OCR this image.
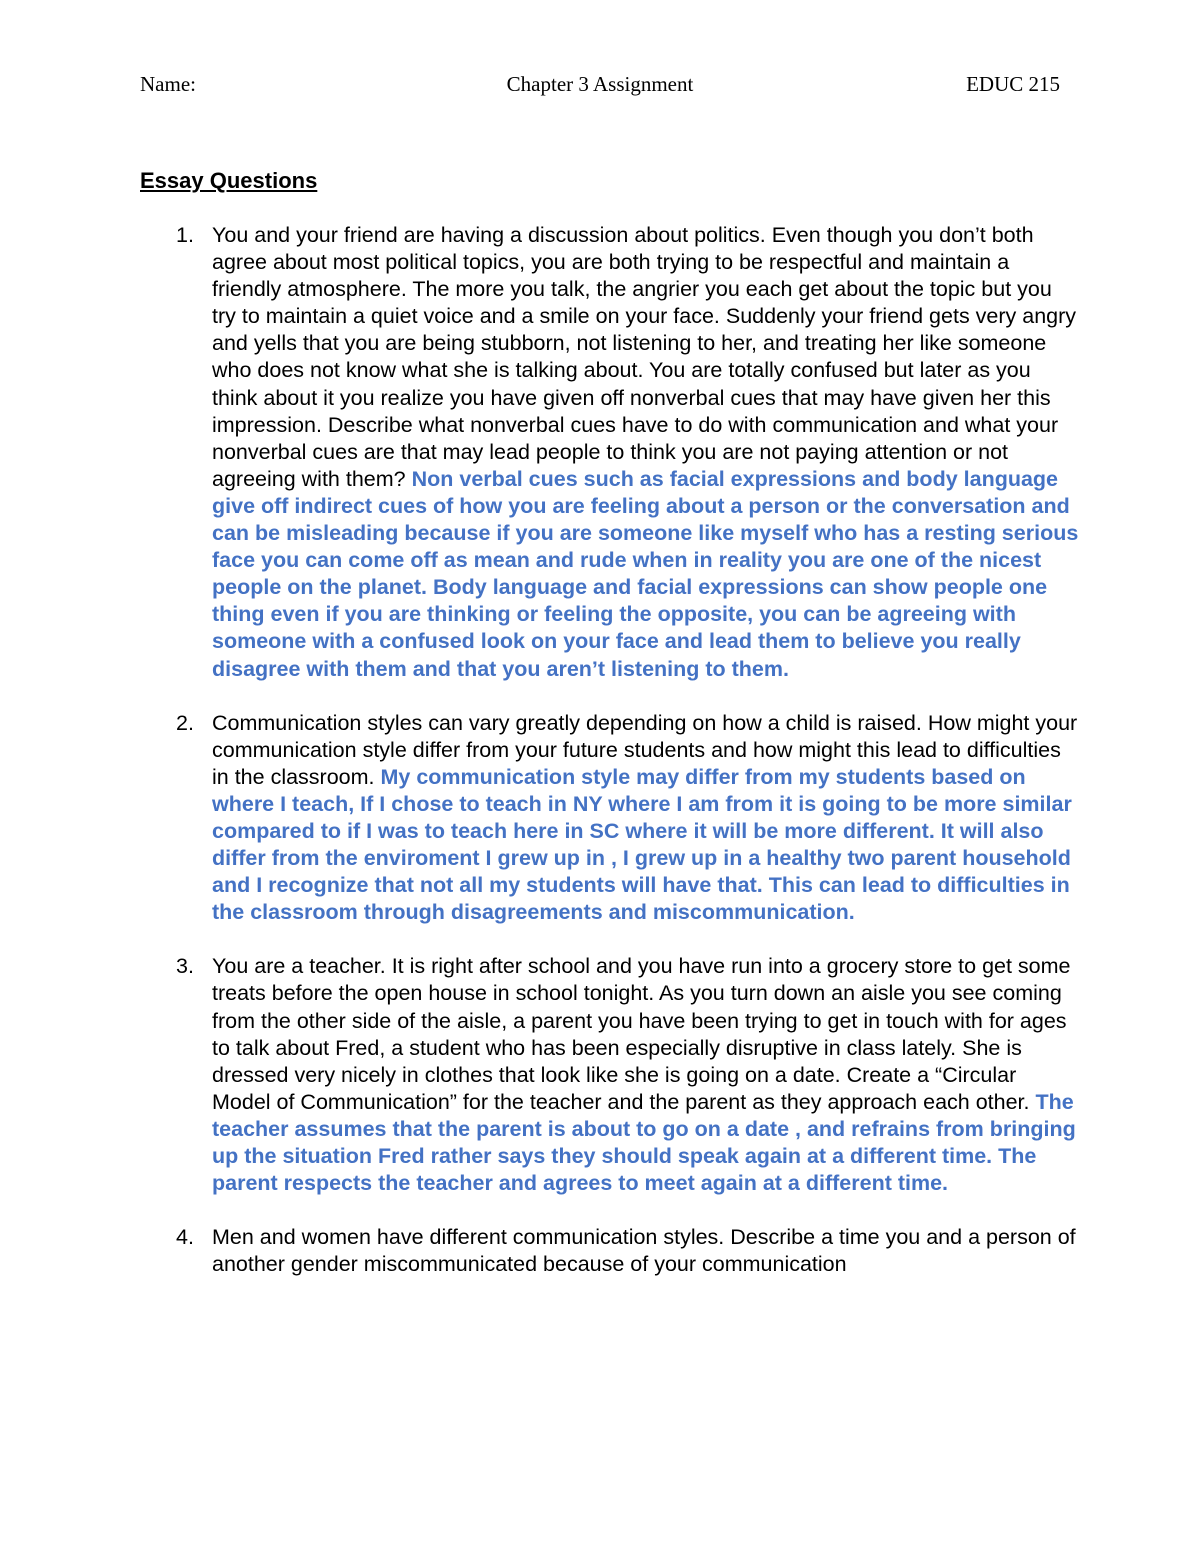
Name:	Chapter 3 Assignment	EDUC 215
Essay Questions
1. You and your friend are having a discussion about politics. Even though you don’t both agree about most political topics, you are both trying to be respectful and maintain a friendly atmosphere. The more you talk, the angrier you each get about the topic but you try to maintain a quiet voice and a smile on your face. Suddenly your friend gets very angry and yells that you are being stubborn, not listening to her, and treating her like someone who does not know what she is talking about. You are totally confused but later as you think about it you realize you have given off nonverbal cues that may have given her this impression. Describe what nonverbal cues have to do with communication and what your nonverbal cues are that may lead people to think you are not paying attention or not agreeing with them? Non verbal cues such as facial expressions and body language give off indirect cues of how you are feeling about a person or the conversation and can be misleading because if you are someone like myself who has a resting serious face you can come off as mean and rude when in reality you are one of the nicest people on the planet. Body language and facial expressions can show people one thing even if you are thinking or feeling the opposite, you can be agreeing with someone with a confused look on your face and lead them to believe you really disagree with them and that you aren’t listening to them.
2. Communication styles can vary greatly depending on how a child is raised. How might your communication style differ from your future students and how might this lead to difficulties in the classroom. My communication style may differ from my students based on where I teach, If I chose to teach in NY where I am from it is going to be more similar compared to if I was to teach here in SC where it will be more different. It will also differ from the enviroment I grew up in , I grew up in a healthy two parent household and I recognize that not all my students will have that. This can lead to difficulties in the classroom through disagreements and miscommunication.
3. You are a teacher. It is right after school and you have run into a grocery store to get some treats before the open house in school tonight. As you turn down an aisle you see coming from the other side of the aisle, a parent you have been trying to get in touch with for ages to talk about Fred, a student who has been especially disruptive in class lately. She is dressed very nicely in clothes that look like she is going on a date. Create a “Circular Model of Communication” for the teacher and the parent as they approach each other. The teacher assumes that the parent is about to go on a date , and refrains from bringing up the situation Fred rather says they should speak again at a different time. The parent respects the teacher and agrees to meet again at a different time.
4. Men and women have different communication styles. Describe a time you and a person of another gender miscommunicated because of your communication
